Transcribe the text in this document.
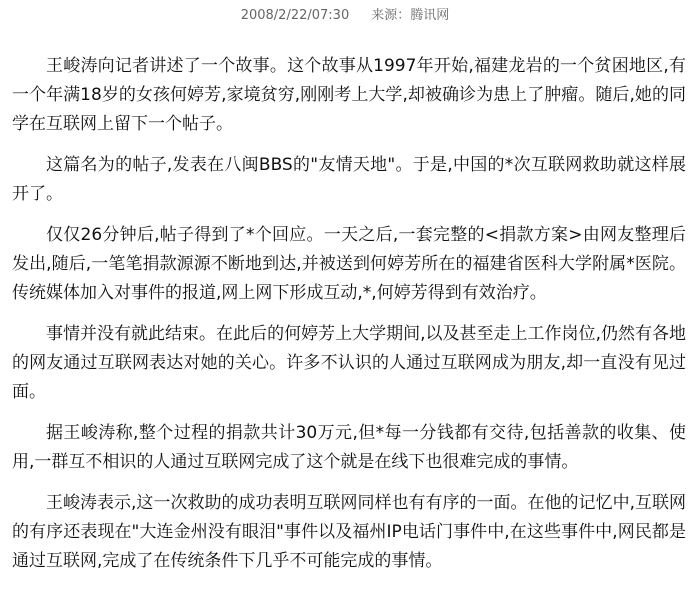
2008/2/22/07:30 来源：腾讯网

王峻涛向记者讲述了一个故事。这个故事从1997年开始,福建龙岩的一个贫困地区,有一个年满18岁的女孩何婷芳,家境贫穷,刚刚考上大学,却被确诊为患上了肿瘤。随后,她的同学在互联网上留下一个帖子。

这篇名为的帖子,发表在八闽BBS的"友情天地"。于是,中国的*次互联网救助就这样展开了。

仅仅26分钟后,帖子得到了*个回应。一天之后,一套完整的<捐款方案>由网友整理后发出,随后,一笔笔捐款源源不断地到达,并被送到何婷芳所在的福建省医科大学附属*医院。传统媒体加入对事件的报道,网上网下形成互动,*,何婷芳得到有效治疗。

事情并没有就此结束。在此后的何婷芳上大学期间,以及甚至走上工作岗位,仍然有各地的网友通过互联网表达对她的关心。许多不认识的人通过互联网成为朋友,却一直没有见过面。

据王峻涛称,整个过程的捐款共计30万元,但*每一分钱都有交待,包括善款的收集、使用,一群互不相识的人通过互联网完成了这个就是在线下也很难完成的事情。

王峻涛表示,这一次救助的成功表明互联网同样也有有序的一面。在他的记忆中,互联网的有序还表现在"大连金州没有眼泪"事件以及福州IP电话门事件中,在这些事件中,网民都是通过互联网,完成了在传统条件下几乎不可能完成的事情。
